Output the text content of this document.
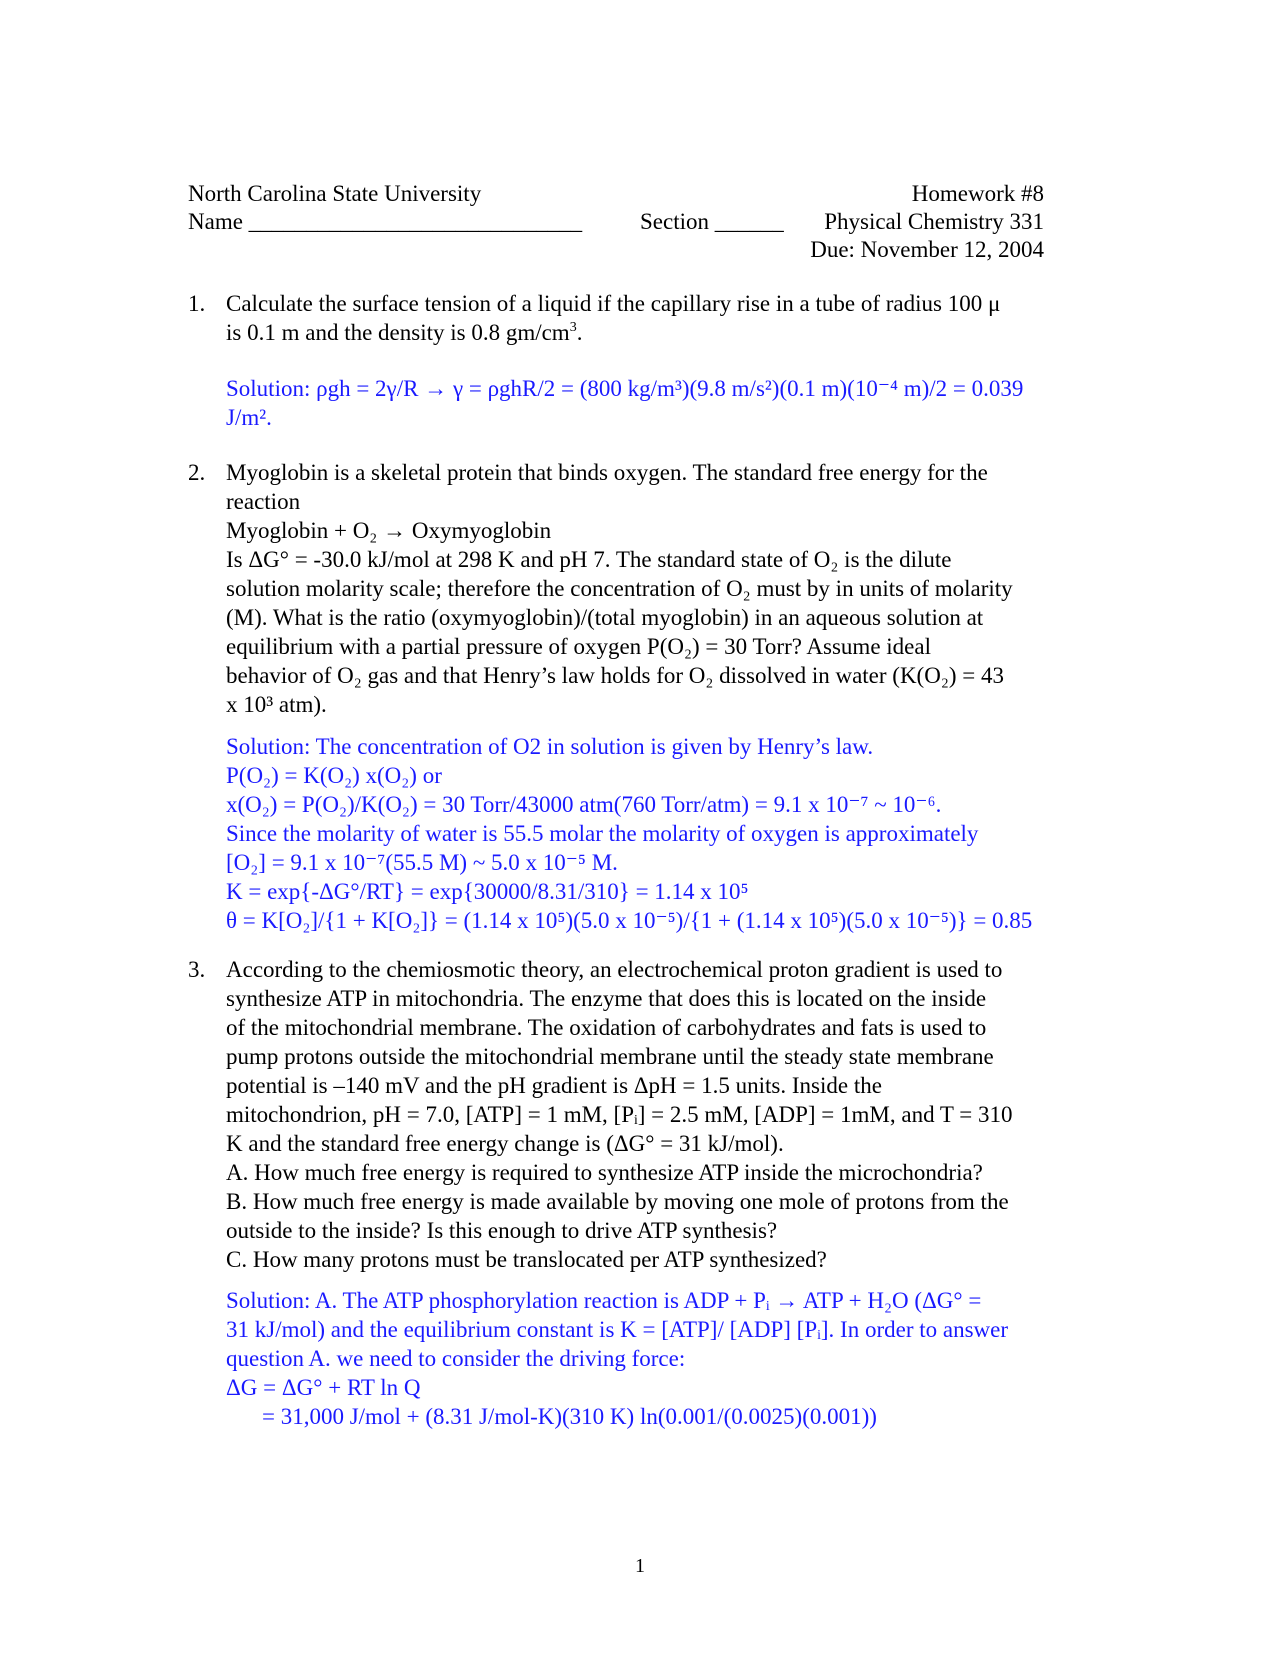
North Carolina State University
Name _____________________________	Section ______
Homework #8
Physical Chemistry 331
Due: November 12, 2004
1. Calculate the surface tension of a liquid if the capillary rise in a tube of radius 100 μ
is 0.1 m and the density is 0.8 $gm/cm^3$.
Solution: ρgh = 2γ/R → γ = ρghR/2 = (800 kg/m³)(9.8 m/s²)(0.1 m)(10⁻⁴ m)/2 = 0.039
J/m².
2. Myoglobin is a skeletal protein that binds oxygen. The standard free energy for the
reaction
Myoglobin + O₂ → Oxymyoglobin
Is ΔG° = -30.0 kJ/mol at 298 K and pH 7. The standard state of O₂ is the dilute
solution molarity scale; therefore the concentration of O₂ must by in units of molarity
(M). What is the ratio (oxymyoglobin)/(total myoglobin) in an aqueous solution at
equilibrium with a partial pressure of oxygen P(O₂) = 30 Torr? Assume ideal
behavior of O₂ gas and that Henry’s law holds for O₂ dissolved in water (K(O₂) = 43
x 10³ atm).
Solution: The concentration of O2 in solution is given by Henry’s law.
P(O₂) = K(O₂) x(O₂) or
x(O₂) = P(O₂)/K(O₂) = 30 Torr/43000 atm(760 Torr/atm) = 9.1 x 10⁻⁷ ~ 10⁻⁶.
Since the molarity of water is 55.5 molar the molarity of oxygen is approximately
[O₂] = 9.1 x 10⁻⁷(55.5 M) ~ 5.0 x 10⁻⁵ M.
K = exp{-ΔG°/RT} = exp{30000/8.31/310} = 1.14 x 10⁵
θ = K[O₂]/{1 + K[O₂]} = (1.14 x 10⁵)(5.0 x 10⁻⁵)/{1 + (1.14 x 10⁵)(5.0 x 10⁻⁵)} = 0.85
3. According to the chemiosmotic theory, an electrochemical proton gradient is used to
synthesize ATP in mitochondria. The enzyme that does this is located on the inside
of the mitochondrial membrane. The oxidation of carbohydrates and fats is used to
pump protons outside the mitochondrial membrane until the steady state membrane
potential is –140 mV and the pH gradient is ΔpH = 1.5 units. Inside the
mitochondrion, pH = 7.0, [ATP] = 1 mM, [Pᵢ] = 2.5 mM, [ADP] = 1mM, and T = 310
K and the standard free energy change is (ΔG° = 31 kJ/mol).
A. How much free energy is required to synthesize ATP inside the microchondria?
B. How much free energy is made available by moving one mole of protons from the
outside to the inside? Is this enough to drive ATP synthesis?
C. How many protons must be translocated per ATP synthesized?
Solution: A. The ATP phosphorylation reaction is ADP + Pᵢ → ATP + H₂O (ΔG° =
31 kJ/mol) and the equilibrium constant is K = [ATP]/ [ADP] [Pᵢ]. In order to answer
question A. we need to consider the driving force:
ΔG = ΔG° + RT ln Q
= 31,000 J/mol + (8.31 J/mol-K)(310 K) ln(0.001/(0.0025)(0.001))
1
